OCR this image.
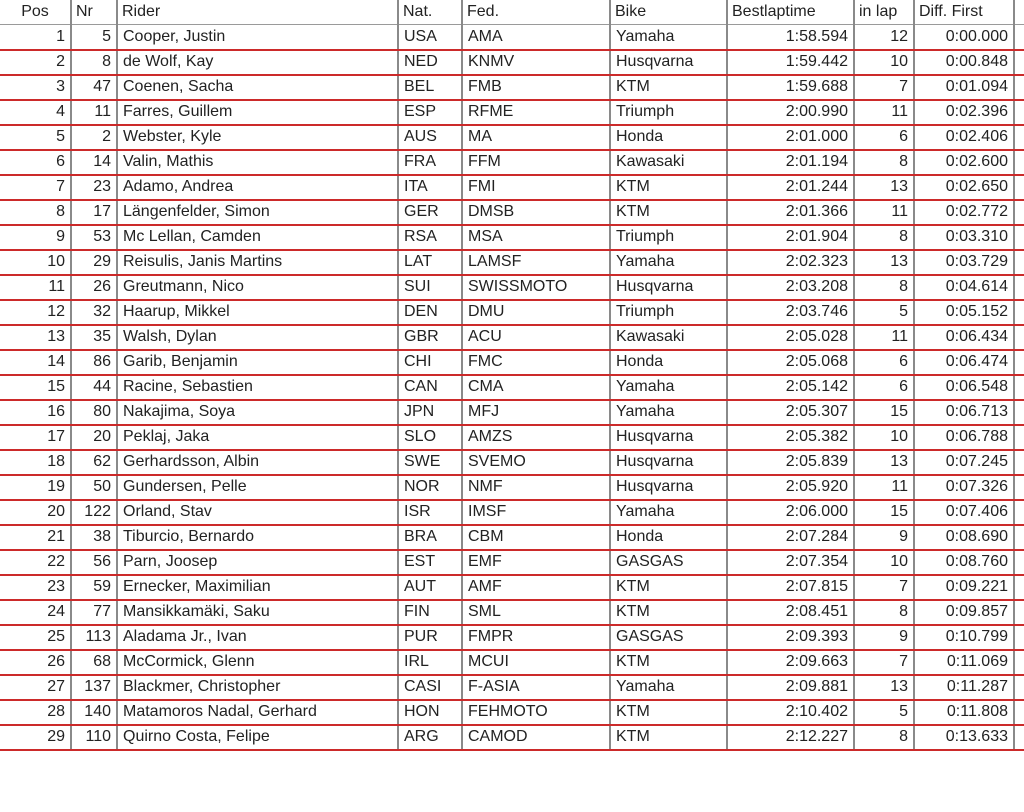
Pos	Nr	Rider	Nat.	Fed.	Bike	Bestlaptime	in lap	Diff. First	
1	5	Cooper, Justin	USA	AMA	Yamaha	1:58.594	12	0:00.000	
2	8	de Wolf, Kay	NED	KNMV	Husqvarna	1:59.442	10	0:00.848	
3	47	Coenen, Sacha	BEL	FMB	KTM	1:59.688	7	0:01.094	
4	11	Farres, Guillem	ESP	RFME	Triumph	2:00.990	11	0:02.396	
5	2	Webster, Kyle	AUS	MA	Honda	2:01.000	6	0:02.406	
6	14	Valin, Mathis	FRA	FFM	Kawasaki	2:01.194	8	0:02.600	
7	23	Adamo, Andrea	ITA	FMI	KTM	2:01.244	13	0:02.650	
8	17	Längenfelder, Simon	GER	DMSB	KTM	2:01.366	11	0:02.772	
9	53	Mc Lellan, Camden	RSA	MSA	Triumph	2:01.904	8	0:03.310	
10	29	Reisulis, Janis Martins	LAT	LAMSF	Yamaha	2:02.323	13	0:03.729	
11	26	Greutmann, Nico	SUI	SWISSMOTO	Husqvarna	2:03.208	8	0:04.614	
12	32	Haarup, Mikkel	DEN	DMU	Triumph	2:03.746	5	0:05.152	
13	35	Walsh, Dylan	GBR	ACU	Kawasaki	2:05.028	11	0:06.434	
14	86	Garib, Benjamin	CHI	FMC	Honda	2:05.068	6	0:06.474	
15	44	Racine, Sebastien	CAN	CMA	Yamaha	2:05.142	6	0:06.548	
16	80	Nakajima, Soya	JPN	MFJ	Yamaha	2:05.307	15	0:06.713	
17	20	Peklaj, Jaka	SLO	AMZS	Husqvarna	2:05.382	10	0:06.788	
18	62	Gerhardsson, Albin	SWE	SVEMO	Husqvarna	2:05.839	13	0:07.245	
19	50	Gundersen, Pelle	NOR	NMF	Husqvarna	2:05.920	11	0:07.326	
20	122	Orland, Stav	ISR	IMSF	Yamaha	2:06.000	15	0:07.406	
21	38	Tiburcio, Bernardo	BRA	CBM	Honda	2:07.284	9	0:08.690	
22	56	Parn, Joosep	EST	EMF	GASGAS	2:07.354	10	0:08.760	
23	59	Ernecker, Maximilian	AUT	AMF	KTM	2:07.815	7	0:09.221	
24	77	Mansikkamäki, Saku	FIN	SML	KTM	2:08.451	8	0:09.857	
25	113	Aladama Jr., Ivan	PUR	FMPR	GASGAS	2:09.393	9	0:10.799	
26	68	McCormick, Glenn	IRL	MCUI	KTM	2:09.663	7	0:11.069	
27	137	Blackmer, Christopher	CASI	F-ASIA	Yamaha	2:09.881	13	0:11.287	
28	140	Matamoros Nadal, Gerhard	HON	FEHMOTO	KTM	2:10.402	5	0:11.808	
29	110	Quirno Costa, Felipe	ARG	CAMOD	KTM	2:12.227	8	0:13.633	
